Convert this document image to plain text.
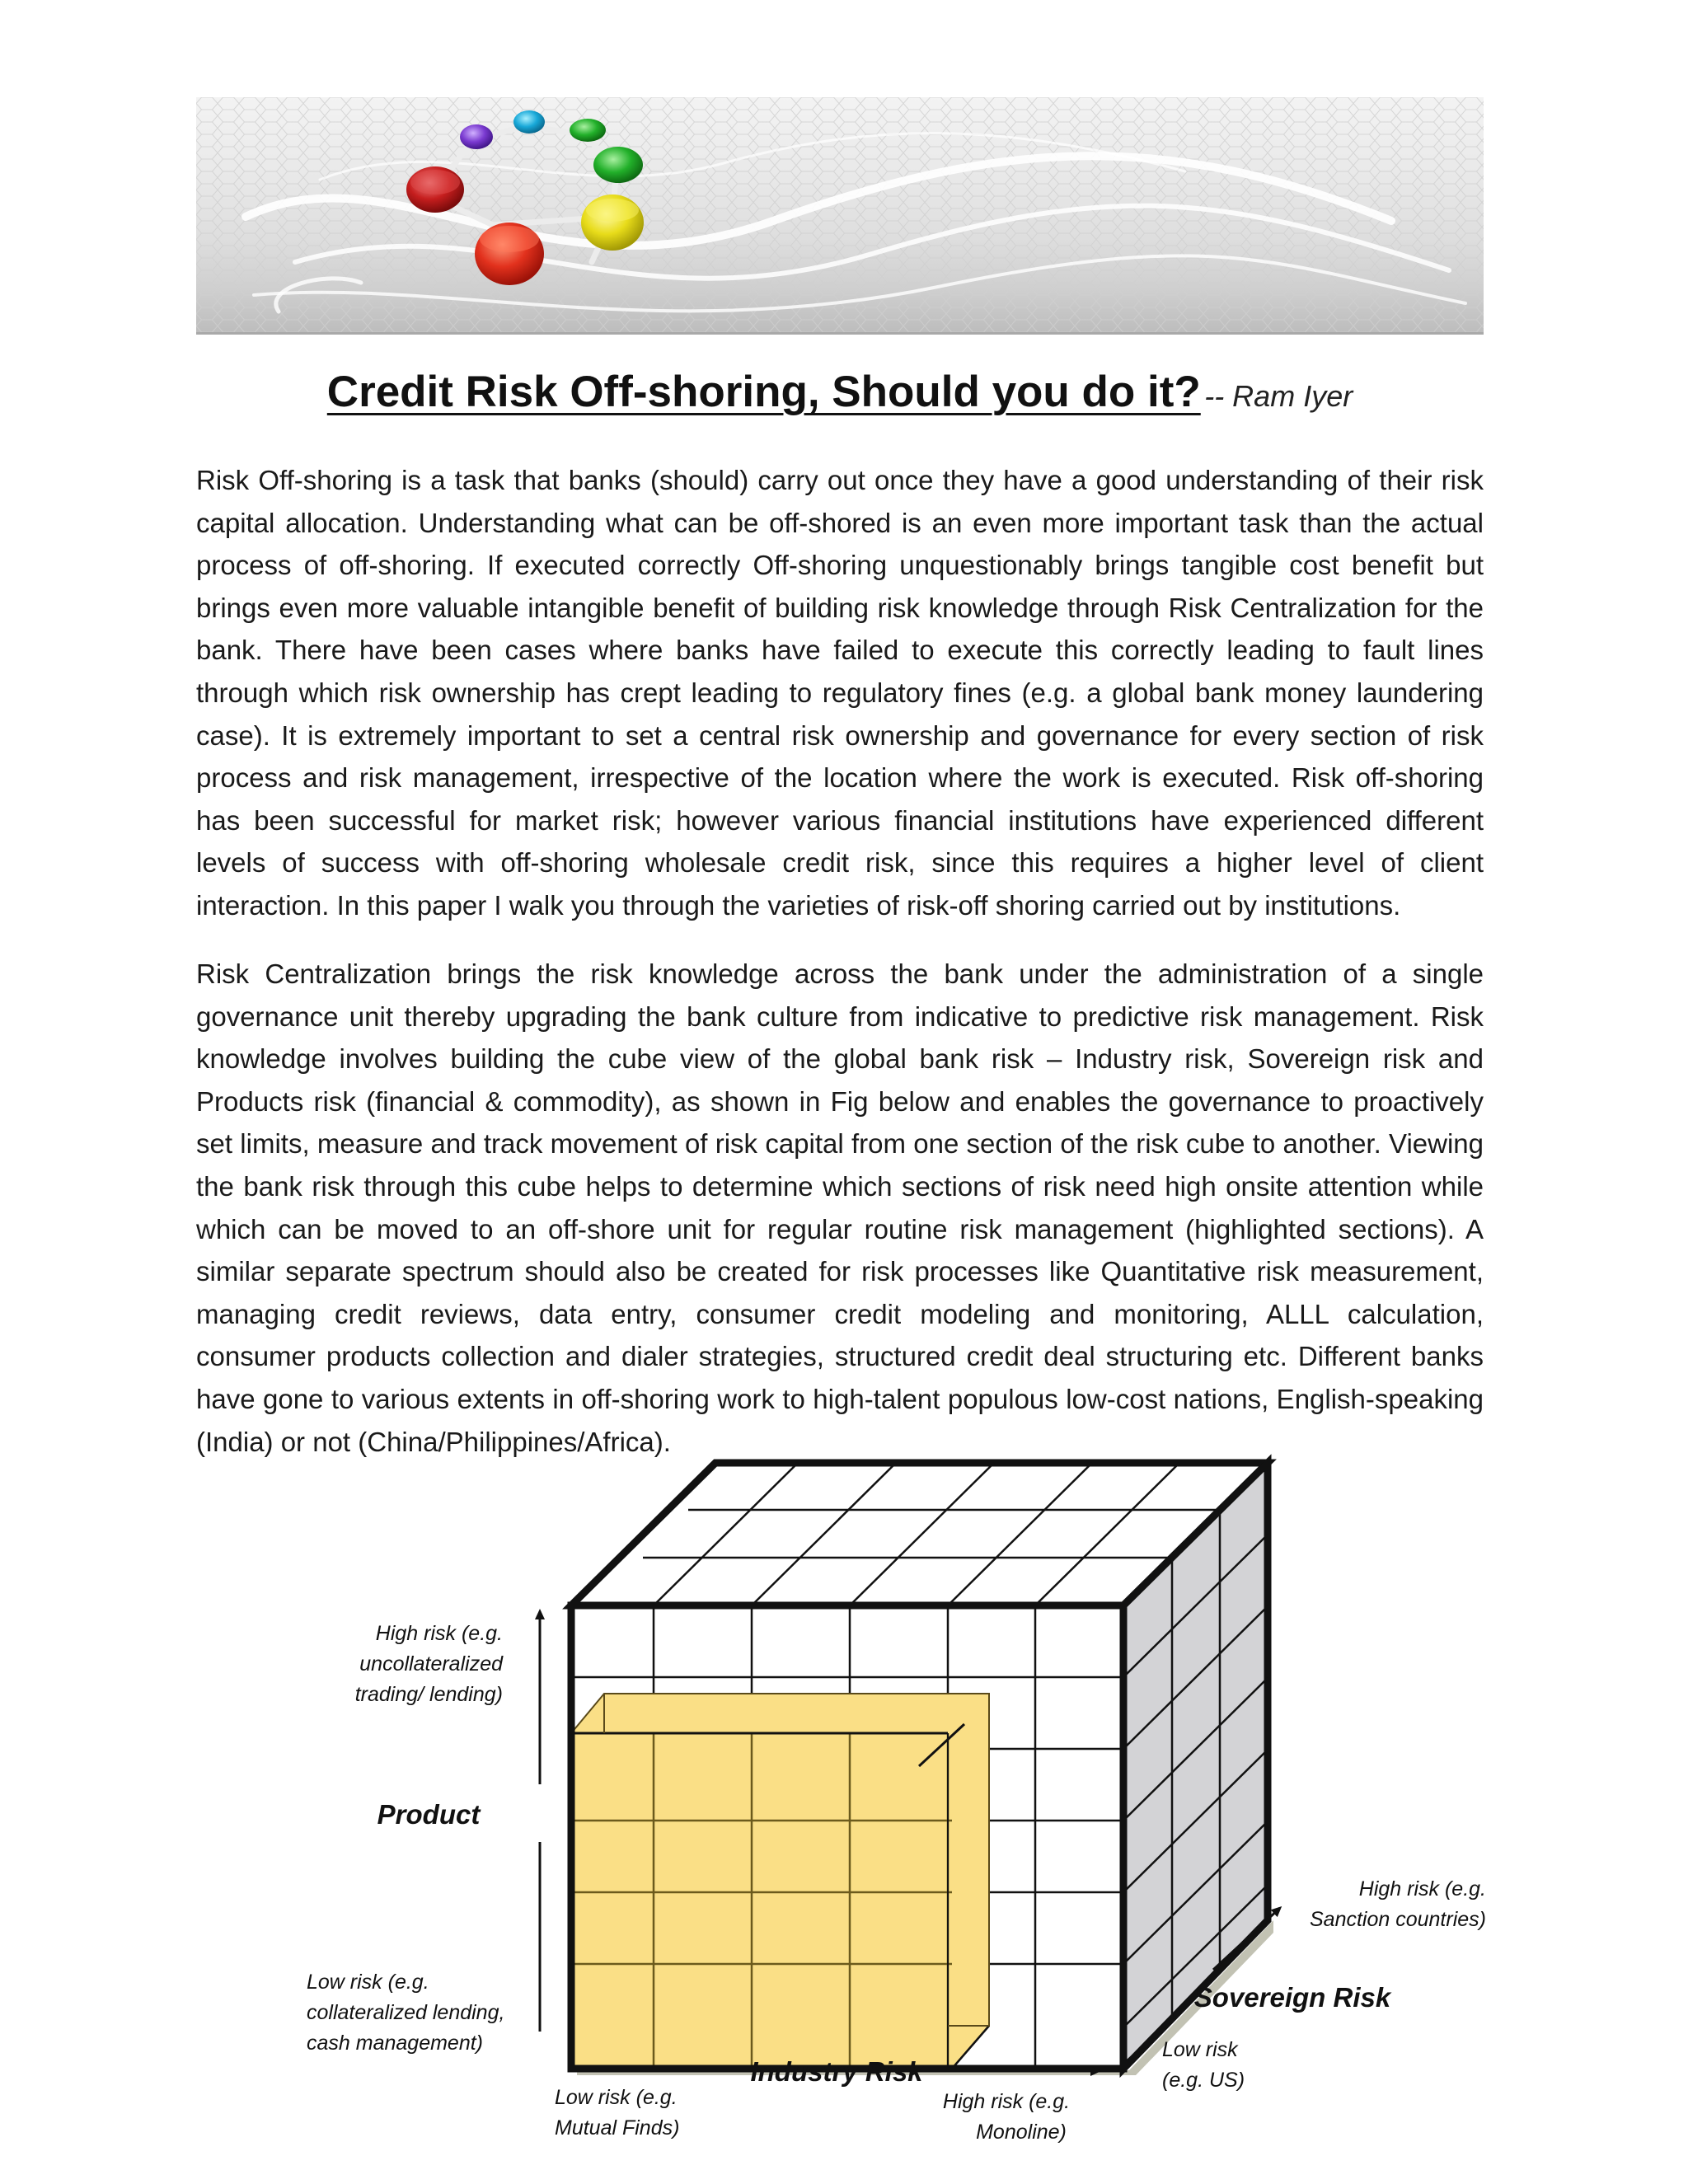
Credit Risk Off-shoring, Should you do it? -- Ram Iyer

Risk Off-shoring is a task that banks (should) carry out once they have a good understanding of their risk capital allocation. Understanding what can be off-shored is an even more important task than the actual process of off-shoring. If executed correctly Off-shoring unquestionably brings tangible cost benefit but brings even more valuable intangible benefit of building risk knowledge through Risk Centralization for the bank. There have been cases where banks have failed to execute this correctly leading to fault lines through which risk ownership has crept leading to regulatory fines (e.g. a global bank money laundering case). It is extremely important to set a central risk ownership and governance for every section of risk process and risk management, irrespective of the location where the work is executed. Risk off-shoring has been successful for market risk; however various financial institutions have experienced different levels of success with off-shoring wholesale credit risk, since this requires a higher level of client interaction. In this paper I walk you through the varieties of risk-off shoring carried out by institutions.

Risk Centralization brings the risk knowledge across the bank under the administration of a single governance unit thereby upgrading the bank culture from indicative to predictive risk management. Risk knowledge involves building the cube view of the global bank risk – Industry risk, Sovereign risk and Products risk (financial & commodity), as shown in Fig below and enables the governance to proactively set limits, measure and track movement of risk capital from one section of the risk cube to another. Viewing the bank risk through this cube helps to determine which sections of risk need high onsite attention while which can be moved to an off-shore unit for regular routine risk management (highlighted sections). A similar separate spectrum should also be created for risk processes like Quantitative risk measurement, managing credit reviews, data entry, consumer credit modeling and monitoring, ALLL calculation, consumer products collection and dialer strategies, structured credit deal structuring etc. Different banks have gone to various extents in off-shoring work to high-talent populous low-cost nations, English-speaking (India) or not (China/Philippines/Africa).

Product
High risk (e.g.
uncollateralized
trading/ lending)
Low risk (e.g.
collateralized lending,
cash management)
Industry Risk
Low risk (e.g.
Mutual Finds)
High risk (e.g.
Monoline)
Sovereign Risk
Low risk
(e.g. US)
High risk (e.g.
Sanction countries)
